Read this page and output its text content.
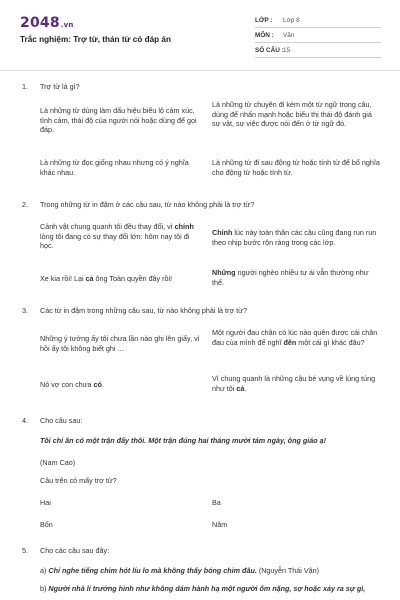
2048.vn
Trắc nghiệm: Trợ từ, thán từ có đáp án
LỚP : Lớp 8
MÔN : Văn
SỐ CÂU : 15
1. Trợ từ là gì?
Là những từ dùng làm dấu hiệu biểu lộ cảm xúc, tình cảm, thái độ của người nói hoặc dùng để gọi đáp.
Là những từ chuyên đi kèm một từ ngữ trong câu, dùng để nhấn mạnh hoặc biểu thị thái độ đánh giá sự vật, sự việc được nói đến ở từ ngữ đó.
Là những từ đọc giống nhau nhưng có ý nghĩa khác nhau.
Là những từ đi sau động từ hoặc tính từ để bổ nghĩa cho động từ hoặc tính từ.
2. Trong những từ in đậm ở các câu sau, từ nào không phải là trợ từ?
Cảnh vật chung quanh tôi đều thay đổi, vì chính lòng tôi đang có sự thay đổi lớn: hôm nay tôi đi học.
Chính lúc này toàn thân các cậu cũng đang run run theo nhịp bước rộn ràng trong các lớp.
Xe kia rồi! Lại cả ông Toàn quyền đây rồi!
Những người nghèo nhiều tự ái vẫn thường như thế.
3. Các từ in đậm trong những câu sau, từ nào không phải là trợ từ?
Những ý tưởng ấy tôi chưa lần nào ghi lên giấy, vì hồi ấy tôi không biết ghi ...
Một người đau chân có lúc nào quên được cái chân đau của mình để nghĩ đến một cái gì khác đâu?
Nó vợ con chưa có.
Vì chung quanh là những cậu bé vụng về lúng túng như tôi cả.
4. Cho câu sau:
Tôi chỉ ăn có một trận đấy thôi. Một trận đúng hai tháng mười tám ngày, ông giáo ạ!
(Nam Cao)
Câu trên có mấy trợ từ?
Hai	Ba
Bốn	Năm
5. Cho các câu sau đây:
a) Chỉ nghe tiếng chim hót líu lo mà không thấy bóng chim đâu. (Nguyễn Thái Vận)
b) Người nhà lí trưởng hình như không dám hành hạ một người ốm nặng, sợ hoặc xảy ra sự gì,
